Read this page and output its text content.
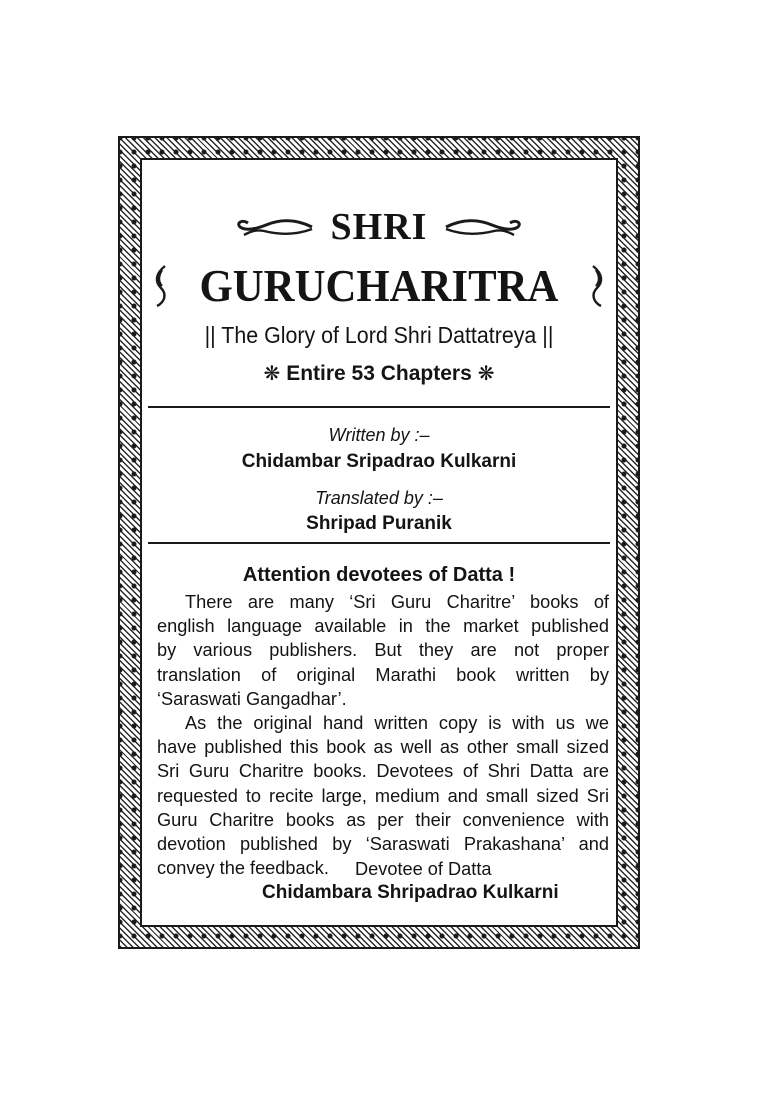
SHRI
GURUCHARITRA
|| The Glory of Lord Shri Dattatreya ||
❋ Entire 53 Chapters ❋
Written by :–
Chidambar Sripadrao Kulkarni
Translated by :–
Shripad Puranik
Attention devotees of Datta !
There are many ‘Sri Guru Charitre’ books of
english language available in the market published
by various publishers. But they are not proper
translation of original Marathi book written by
‘Saraswati Gangadhar’.
As the original hand written copy is with us we
have published this book as well as other small sized
Sri Guru Charitre books. Devotees of Shri Datta are
requested to recite large, medium and small sized Sri
Guru Charitre books as per their convenience with
devotion published by ‘Saraswati Prakashana’ and
convey the feedback.	Devotee of Datta
Chidambara Shripadrao Kulkarni
